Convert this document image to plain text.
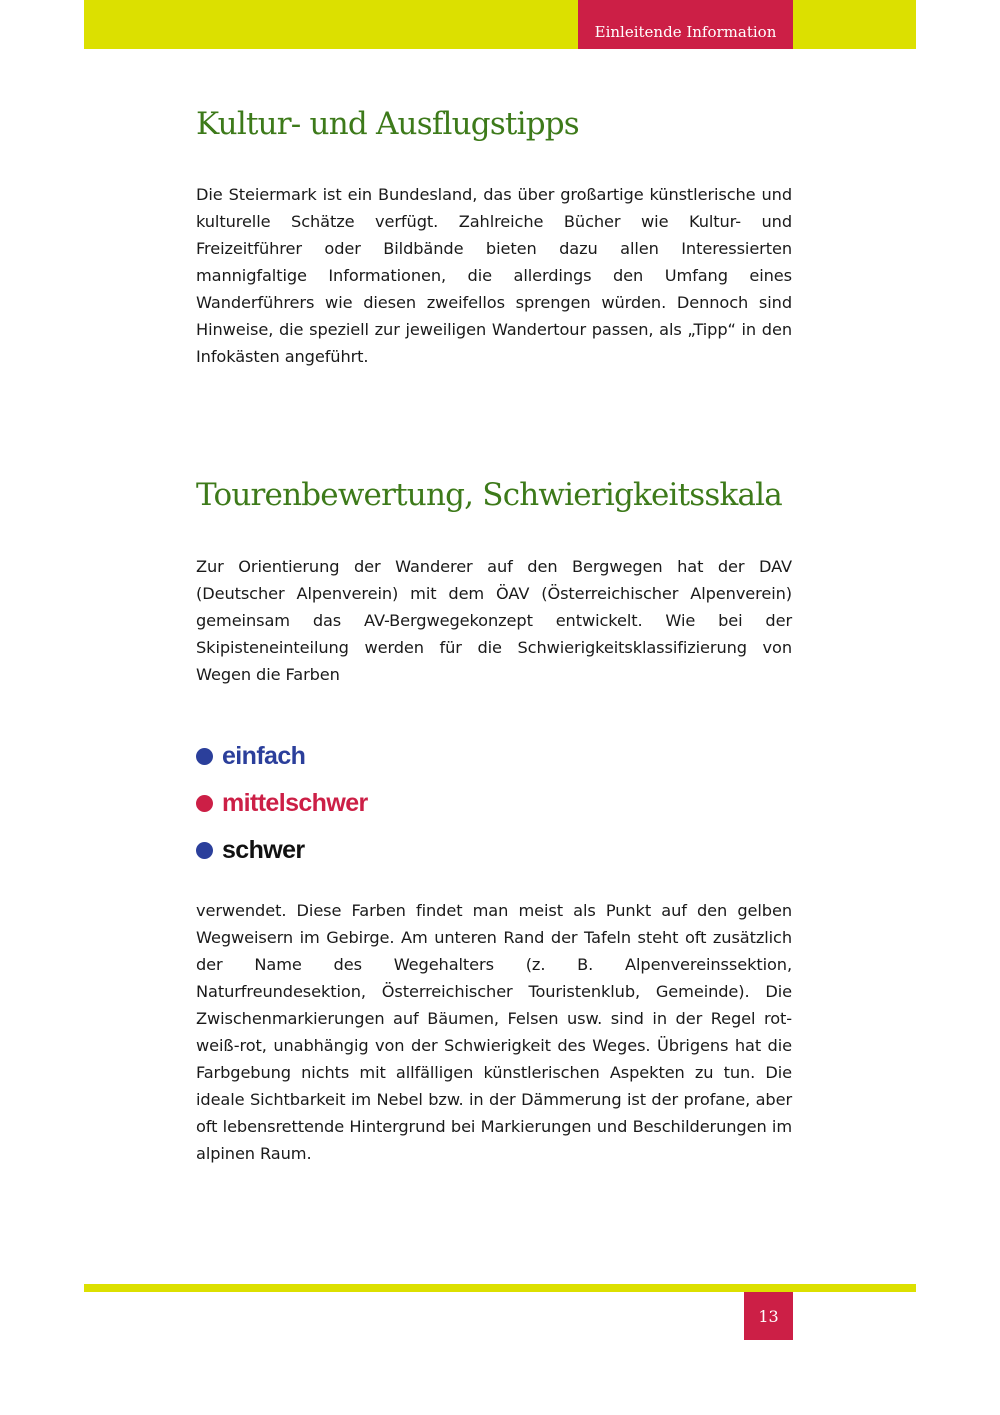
Einleitende Information
Kultur- und Ausflugstipps

Die Steiermark ist ein Bundesland, das über großartige künstlerische und kulturelle Schätze verfügt. Zahlreiche Bücher wie Kultur- und Freizeitführer oder Bildbände bieten dazu allen Interessierten mannigfaltige Informationen, die allerdings den Umfang eines Wanderführers wie diesen zweifellos sprengen würden. Dennoch sind Hinweise, die speziell zur jeweiligen Wandertour passen, als „Tipp“ in den Infokästen angeführt.

Tourenbewertung, Schwierigkeitsskala

Zur Orientierung der Wanderer auf den Bergwegen hat der DAV (Deutscher Alpenverein) mit dem ÖAV (Österreichischer Alpenverein) gemeinsam das AV-Bergwegekonzept entwickelt. Wie bei der Skipisteneinteilung werden für die Schwierigkeitsklassifizierung von Wegen die Farben

einfach
mittelschwer
schwer

verwendet. Diese Farben findet man meist als Punkt auf den gelben Wegweisern im Gebirge. Am unteren Rand der Tafeln steht oft zusätzlich der Name des Wegehalters (z. B. Alpenvereinssektion, Naturfreundesektion, Österreichischer Touristenklub, Gemeinde). Die Zwischenmarkierungen auf Bäumen, Felsen usw. sind in der Regel rot-weiß-rot, unabhängig von der Schwierigkeit des Weges. Übrigens hat die Farbgebung nichts mit allfälligen künstlerischen Aspekten zu tun. Die ideale Sichtbarkeit im Nebel bzw. in der Dämmerung ist der profane, aber oft lebensrettende Hintergrund bei Markierungen und Beschilderungen im alpinen Raum.

13
